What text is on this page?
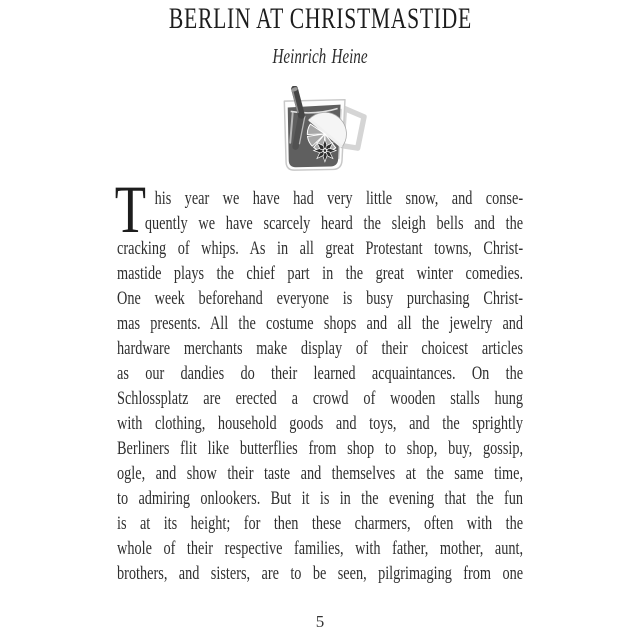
BERLIN AT CHRISTMASTIDE
Heinrich Heine
T his year we have had very little snow, and conse-
quently we have scarcely heard the sleigh bells and the
cracking of whips. As in all great Protestant towns, Christ-
mastide plays the chief part in the great winter comedies.
One week beforehand everyone is busy purchasing Christ-
mas presents. All the costume shops and all the jewelry and
hardware merchants make display of their choicest articles
as our dandies do their learned acquaintances. On the
Schlossplatz are erected a crowd of wooden stalls hung
with clothing, household goods and toys, and the sprightly
Berliners flit like butterflies from shop to shop, buy, gossip,
ogle, and show their taste and themselves at the same time,
to admiring onlookers. But it is in the evening that the fun
is at its height; for then these charmers, often with the
whole of their respective families, with father, mother, aunt,
brothers, and sisters, are to be seen, pilgrimaging from one
5
